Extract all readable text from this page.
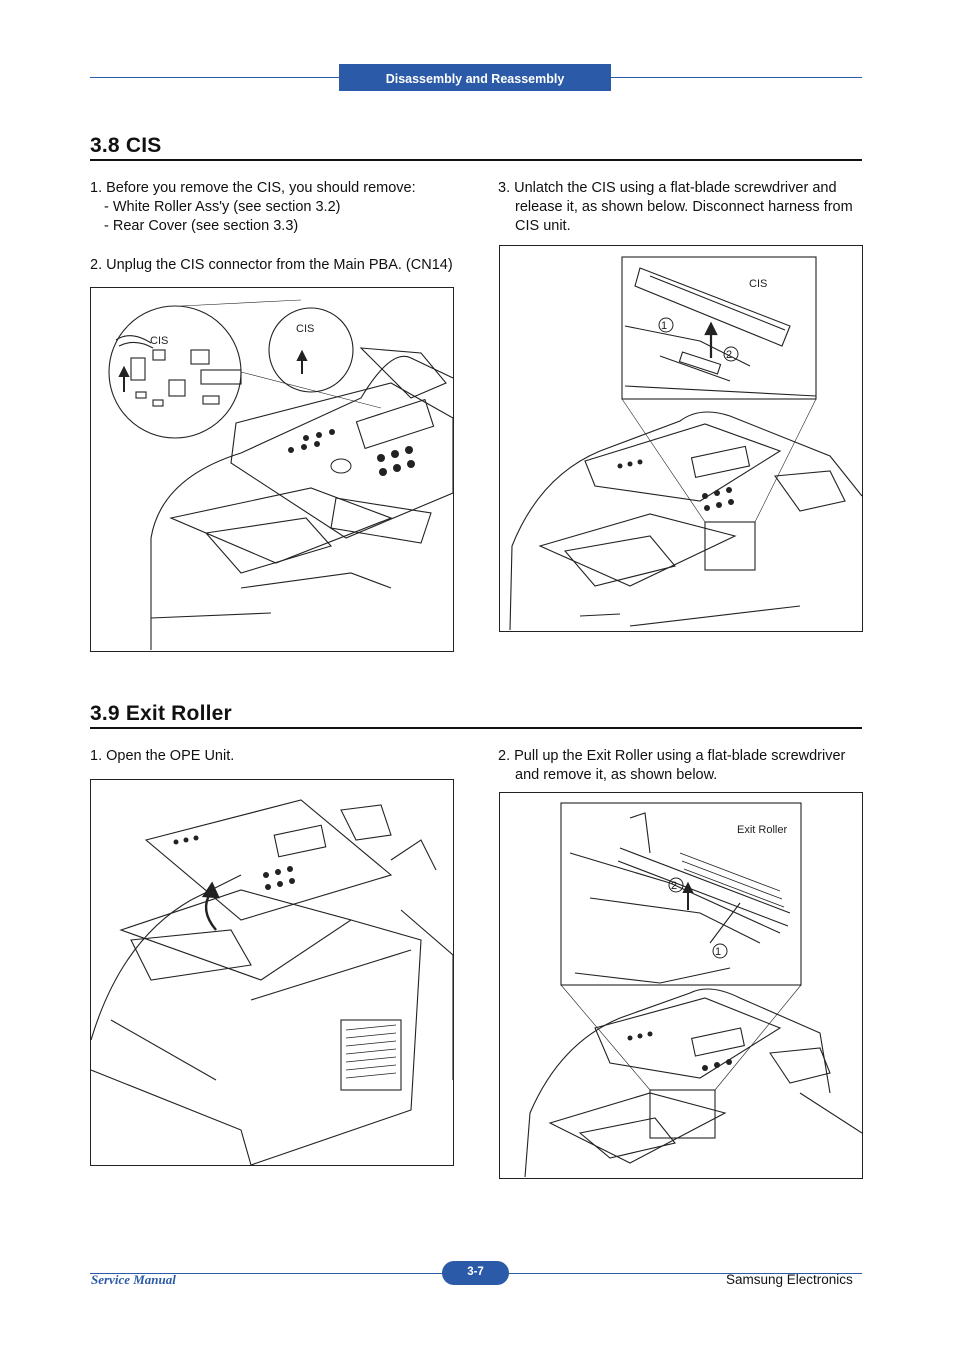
Disassembly and Reassembly
3.8 CIS
1. Before you remove the CIS, you should remove:
- White Roller Ass'y (see section 3.2)
- Rear Cover (see section 3.3)
2. Unplug the CIS connector from the Main PBA. (CN14)
3. Unlatch the CIS using a flat-blade screwdriver and
release it, as shown below. Disconnect harness from
CIS unit.
CIS
CIS	1
2
CIS
3.9 Exit Roller
1. Open the OPE Unit.	2. Pull up the Exit Roller using a flat-blade screwdriver
and remove it, as shown below.
2
1
Exit Roller
Service Manual	3-7	Samsung Electronics
